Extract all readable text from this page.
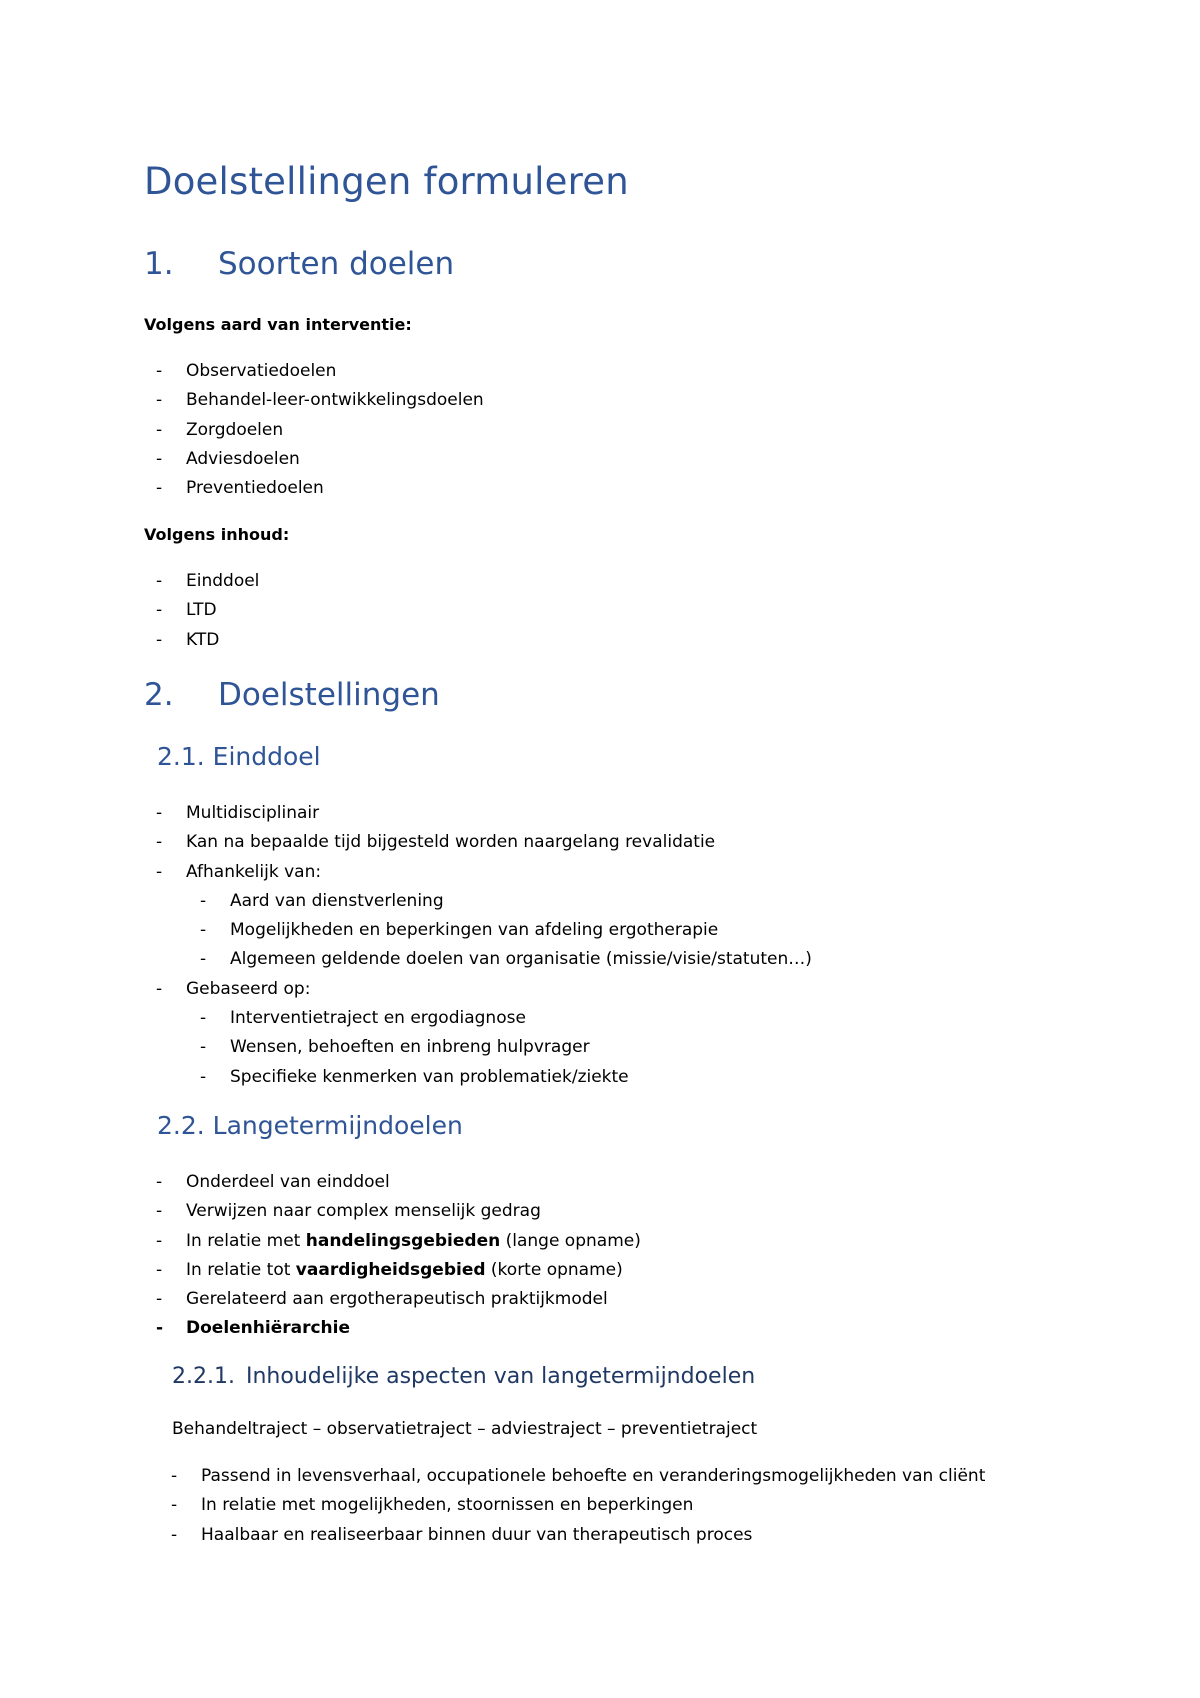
Doelstellingen formuleren
1. Soorten doelen

Volgens aard van interventie:

- Observatiedoelen
- Behandel-leer-ontwikkelingsdoelen
- Zorgdoelen
- Adviesdoelen
- Preventiedoelen

Volgens inhoud:

- Einddoel
- LTD
- KTD
2. Doelstellingen
2.1. Einddoel
- Multidisciplinair
- Kan na bepaalde tijd bijgesteld worden naargelang revalidatie
- Afhankelijk van:
- Aard van dienstverlening
- Mogelijkheden en beperkingen van afdeling ergotherapie
- Algemeen geldende doelen van organisatie (missie/visie/statuten…)
- Gebaseerd op:
- Interventietraject en ergodiagnose
- Wensen, behoeften en inbreng hulpvrager
- Specifieke kenmerken van problematiek/ziekte
2.2. Langetermijndoelen
- Onderdeel van einddoel
- Verwijzen naar complex menselijk gedrag
- In relatie met handelingsgebieden (lange opname)
- In relatie tot vaardigheidsgebied (korte opname)
- Gerelateerd aan ergotherapeutisch praktijkmodel
- Doelenhiërarchie
2.2.1. Inhoudelijke aspecten van langetermijndoelen

Behandeltraject – observatietraject – adviestraject – preventietraject

- Passend in levensverhaal, occupationele behoefte en veranderingsmogelijkheden van cliënt
- In relatie met mogelijkheden, stoornissen en beperkingen
- Haalbaar en realiseerbaar binnen duur van therapeutisch proces
